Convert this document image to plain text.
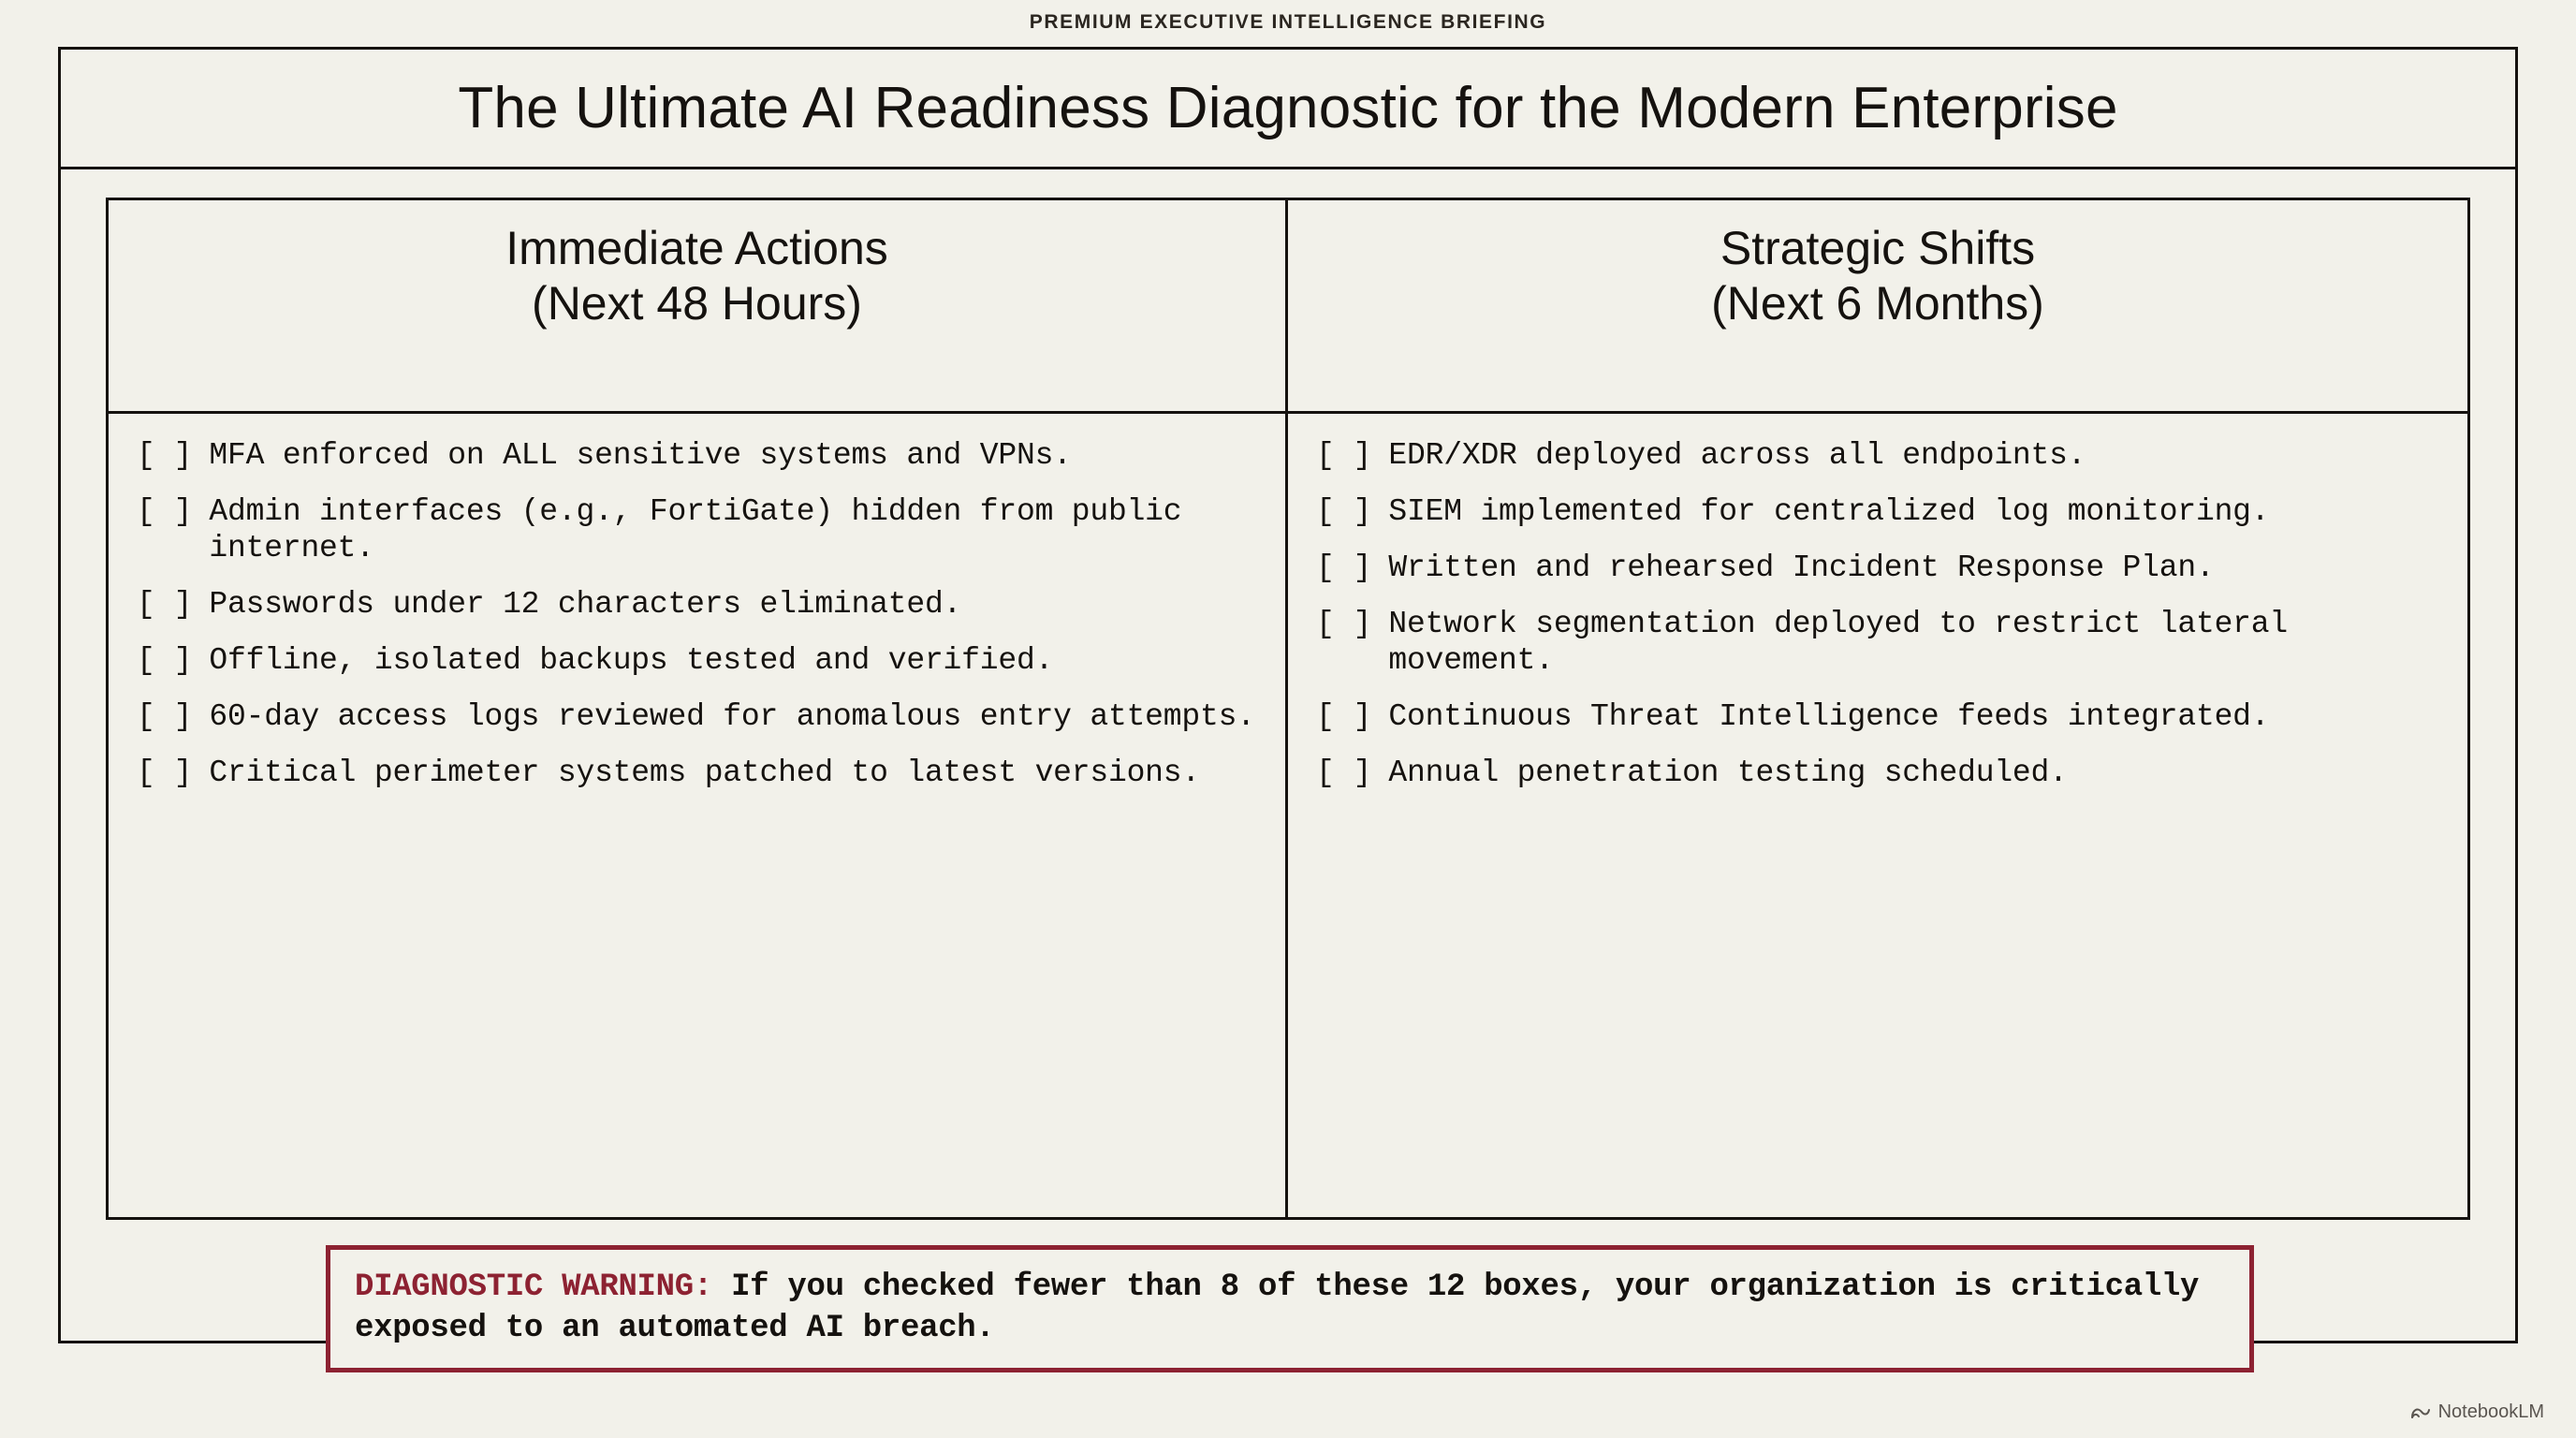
PREMIUM EXECUTIVE INTELLIGENCE BRIEFING
The Ultimate AI Readiness Diagnostic for the Modern Enterprise
Immediate Actions
(Next 48 Hours)
[ ] MFA enforced on ALL sensitive systems and VPNs.
[ ] Admin interfaces (e.g., FortiGate) hidden from public internet.
[ ] Passwords under 12 characters eliminated.
[ ] Offline, isolated backups tested and verified.
[ ] 60-day access logs reviewed for anomalous entry attempts.
[ ] Critical perimeter systems patched to latest versions.
Strategic Shifts
(Next 6 Months)
[ ] EDR/XDR deployed across all endpoints.
[ ] SIEM implemented for centralized log monitoring.
[ ] Written and rehearsed Incident Response Plan.
[ ] Network segmentation deployed to restrict lateral movement.
[ ] Continuous Threat Intelligence feeds integrated.
[ ] Annual penetration testing scheduled.
DIAGNOSTIC WARNING: If you checked fewer than 8 of these 12 boxes, your organization is critically exposed to an automated AI breach.
NotebookLM
